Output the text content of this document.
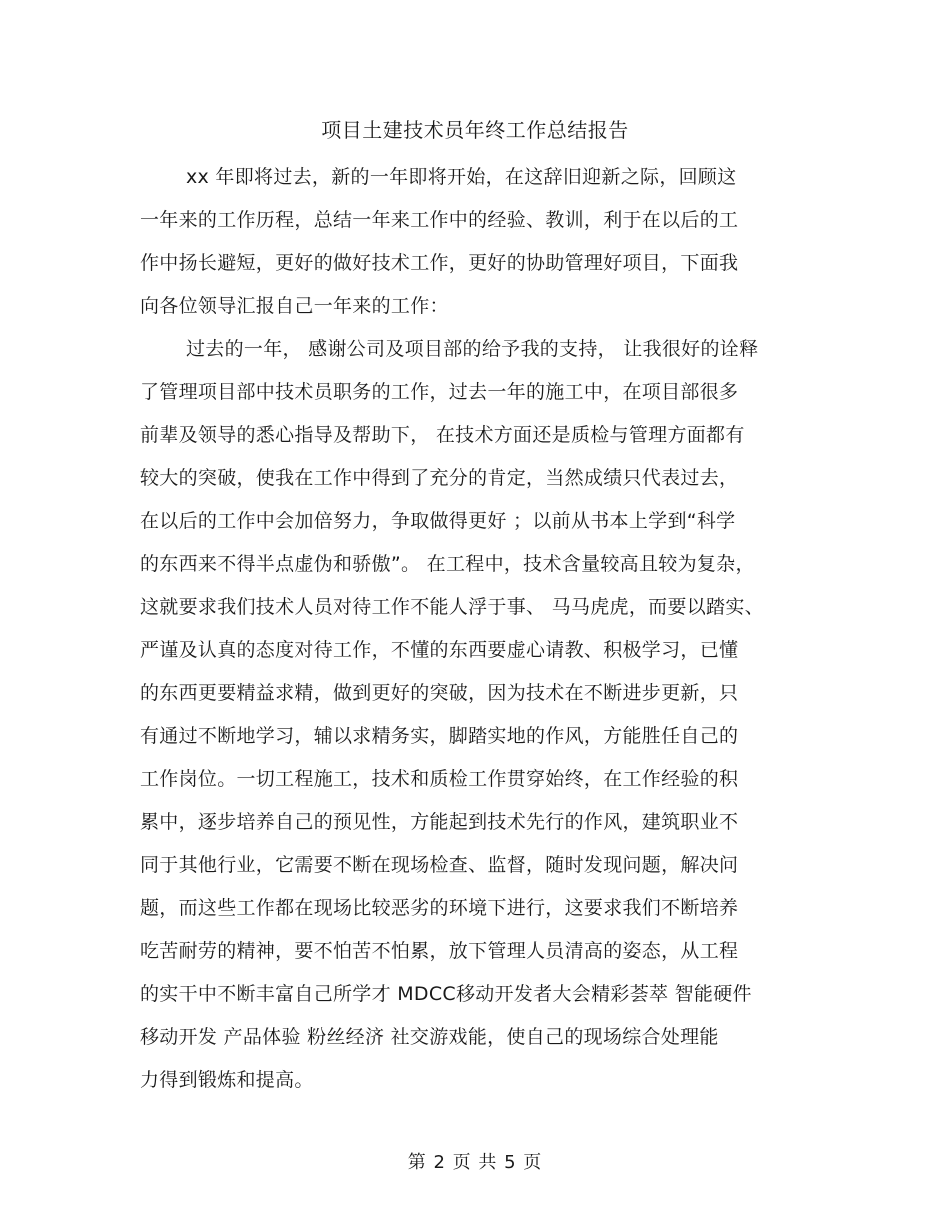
项目土建技术员年终工作总结报告
xx 年即将过去，新的一年即将开始，在这辞旧迎新之际，回顾这
一年来的工作历程，总结一年来工作中的经验、教训，利于在以后的工
作中扬长避短，更好的做好技术工作，更好的协助管理好项目，下面我
向各位领导汇报自己一年来的工作：
过去的一年， 感谢公司及项目部的给予我的支持， 让我很好的诠释
了管理项目部中技术员职务的工作，过去一年的施工中，在项目部很多
前辈及领导的悉心指导及帮助下， 在技术方面还是质检与管理方面都有
较大的突破，使我在工作中得到了充分的肯定，当然成绩只代表过去，
在以后的工作中会加倍努力，争取做得更好 ；以前从书本上学到“科学
的东西来不得半点虚伪和骄傲”。 在工程中，技术含量较高且较为复杂，
这就要求我们技术人员对待工作不能人浮于事、 马马虎虎，而要以踏实、
严谨及认真的态度对待工作，不懂的东西要虚心请教、积极学习，已懂
的东西更要精益求精，做到更好的突破，因为技术在不断进步更新，只
有通过不断地学习，辅以求精务实，脚踏实地的作风，方能胜任自己的
工作岗位。一切工程施工，技术和质检工作贯穿始终，在工作经验的积
累中，逐步培养自己的预见性，方能起到技术先行的作风，建筑职业不
同于其他行业，它需要不断在现场检查、监督，随时发现问题，解决问
题，而这些工作都在现场比较恶劣的环境下进行，这要求我们不断培养
吃苦耐劳的精神，要不怕苦不怕累，放下管理人员清高的姿态，从工程
的实干中不断丰富自己所学才 MDCC移动开发者大会精彩荟萃 智能硬件
移动开发 产品体验 粉丝经济 社交游戏能，使自己的现场综合处理能
力得到锻炼和提高。
第 2 页 共 5 页
